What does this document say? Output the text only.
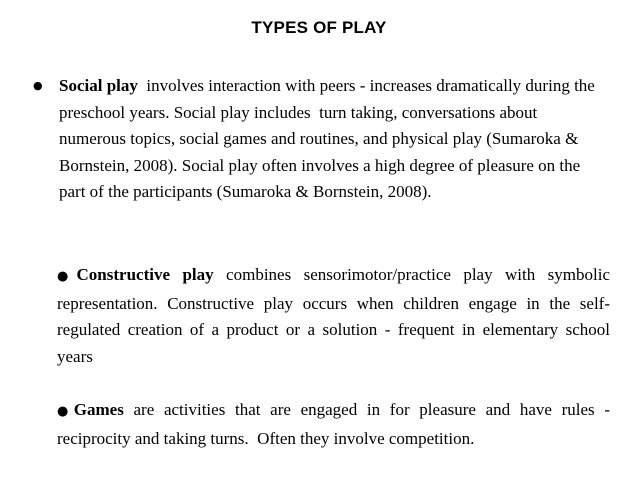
TYPES OF PLAY
● Social play  involves interaction with peers - increases dramatically during the preschool years. Social play includes  turn taking, conversations about numerous topics, social games and routines, and physical play (Sumaroka & Bornstein, 2008). Social play often involves a high degree of pleasure on the part of the participants (Sumaroka & Bornstein, 2008).
●Constructive play combines sensorimotor/practice play with symbolic representation. Constructive play occurs when children engage in the self-regulated creation of a product or a solution - frequent in elementary school years
●Games are activities that are engaged in for pleasure and have rules - reciprocity and taking turns.  Often they involve competition.
